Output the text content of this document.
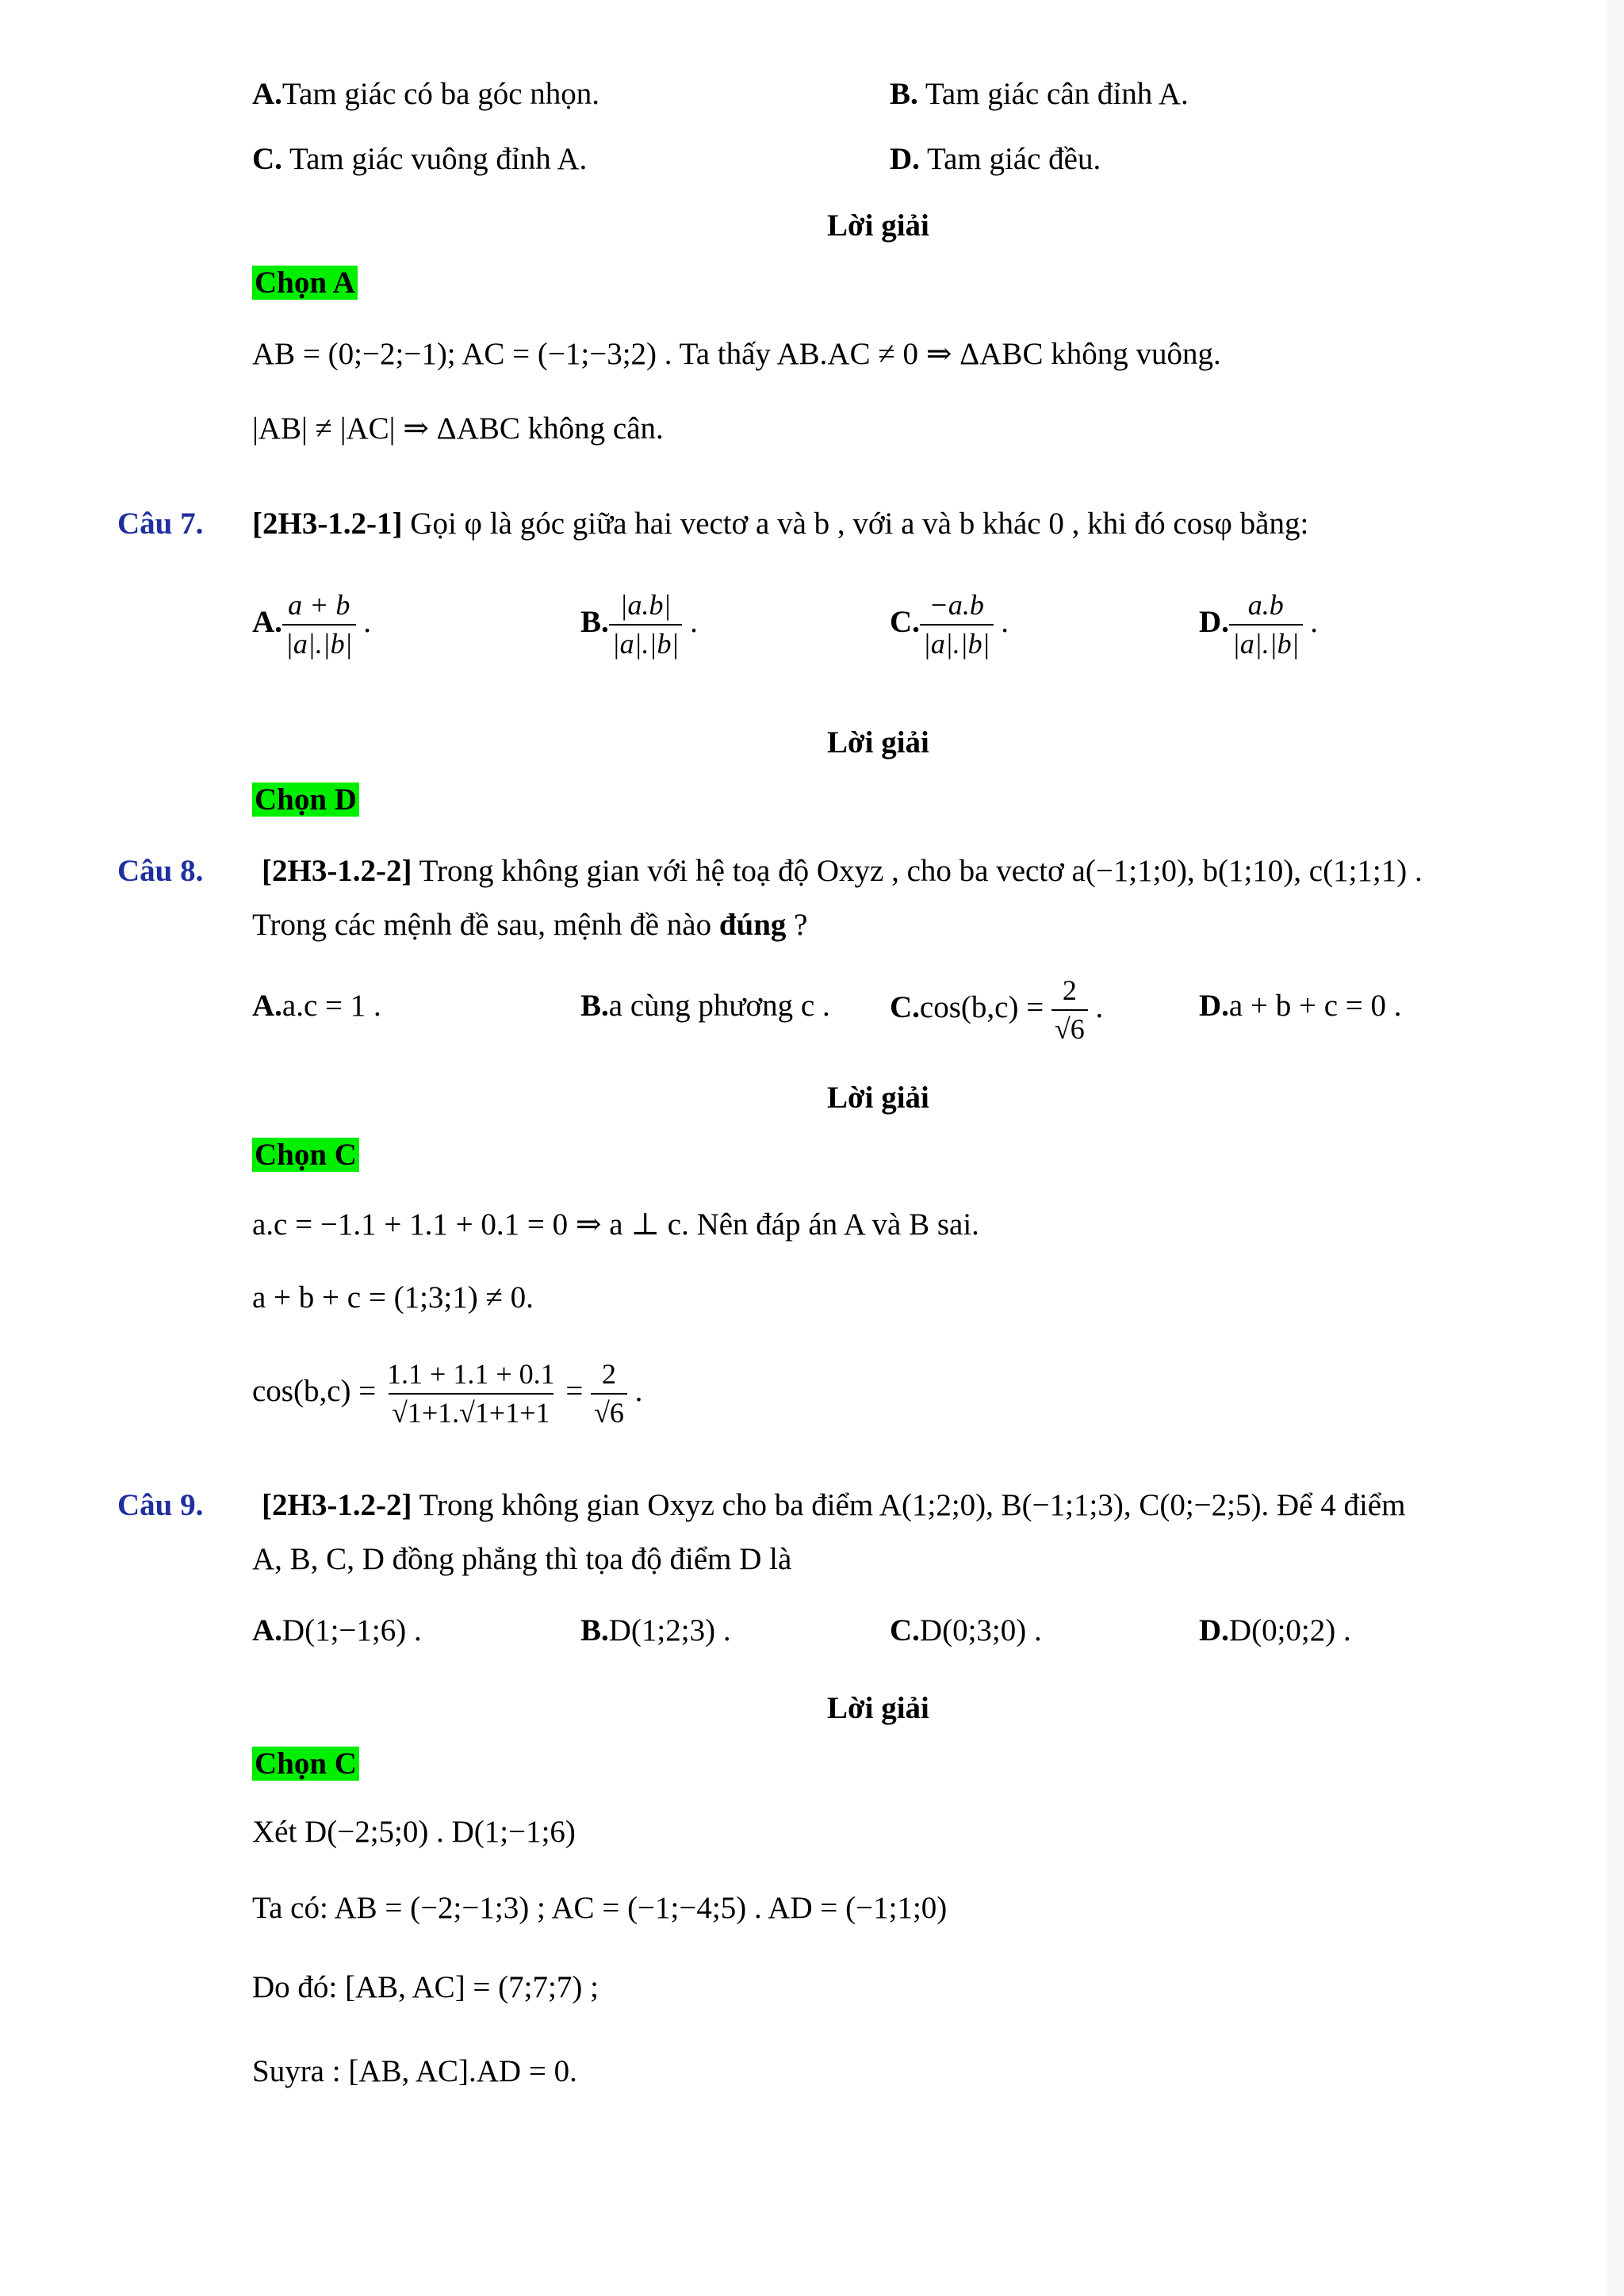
A.Tam giác có ba góc nhọn.	B. Tam giác cân đỉnh A.
C. Tam giác vuông đỉnh A.	D. Tam giác đều.
Lời giải
Chọn A
AB = (0;−2;−1); AC = (−1;−3;2) . Ta thấy AB.AC ≠ 0 ⇒ ΔABC không vuông.
|AB| ≠ |AC| ⇒ ΔABC không cân.
Câu 7. [2H3-1.2-1] Gọi φ là góc giữa hai vectơ a và b , với a và b khác 0 , khi đó cosφ bằng:
A. $\frac{a + b}{|a|.|b|}$ .	B. $\frac{|a.b|}{|a|.|b|}$ .	C. $\frac{-a.b}{|a|.|b|}$ .	D. $\frac{a.b}{|a|.|b|}$ .
Lời giải
Chọn D
Câu 8. [2H3-1.2-2] Trong không gian với hệ toạ độ Oxyz , cho ba vectơ a(−1;1;0), b(1;10), c(1;1;1) .
Trong các mệnh đề sau, mệnh đề nào đúng ?
A.a.c = 1 .	B.a cùng phương c . $C.\cos(b,c) = \frac{2}{√6}$ .	D.a + b + c = 0 .
Lời giải
Chọn C
a.c = −1.1 + 1.1 + 0.1 = 0 ⇒ a ⊥ c. Nên đáp án A và B sai.
a + b + c = (1;3;1) ≠ 0.
$\cos(b,c) = \frac{1.1 + 1.1 + 0.1}{√1+1.√1+1+1} = \frac{2}{√6}$ .
Câu 9. [2H3-1.2-2] Trong không gian Oxyz cho ba điểm A(1;2;0), B(−1;1;3), C(0;−2;5). Để 4 điểm
A, B, C, D đồng phẳng thì tọa độ điểm D là
A.D(1;−1;6) .	B.D(1;2;3) .	C.D(0;3;0) .	D.D(0;0;2) .
Lời giải
Chọn C
Xét D(−2;5;0) . D(1;−1;6)
Ta có: AB = (−2;−1;3) ; AC = (−1;−4;5) . AD = (−1;1;0)
Do đó: [AB, AC] = (7;7;7) ;
Suyra : [AB, AC].AD = 0.
